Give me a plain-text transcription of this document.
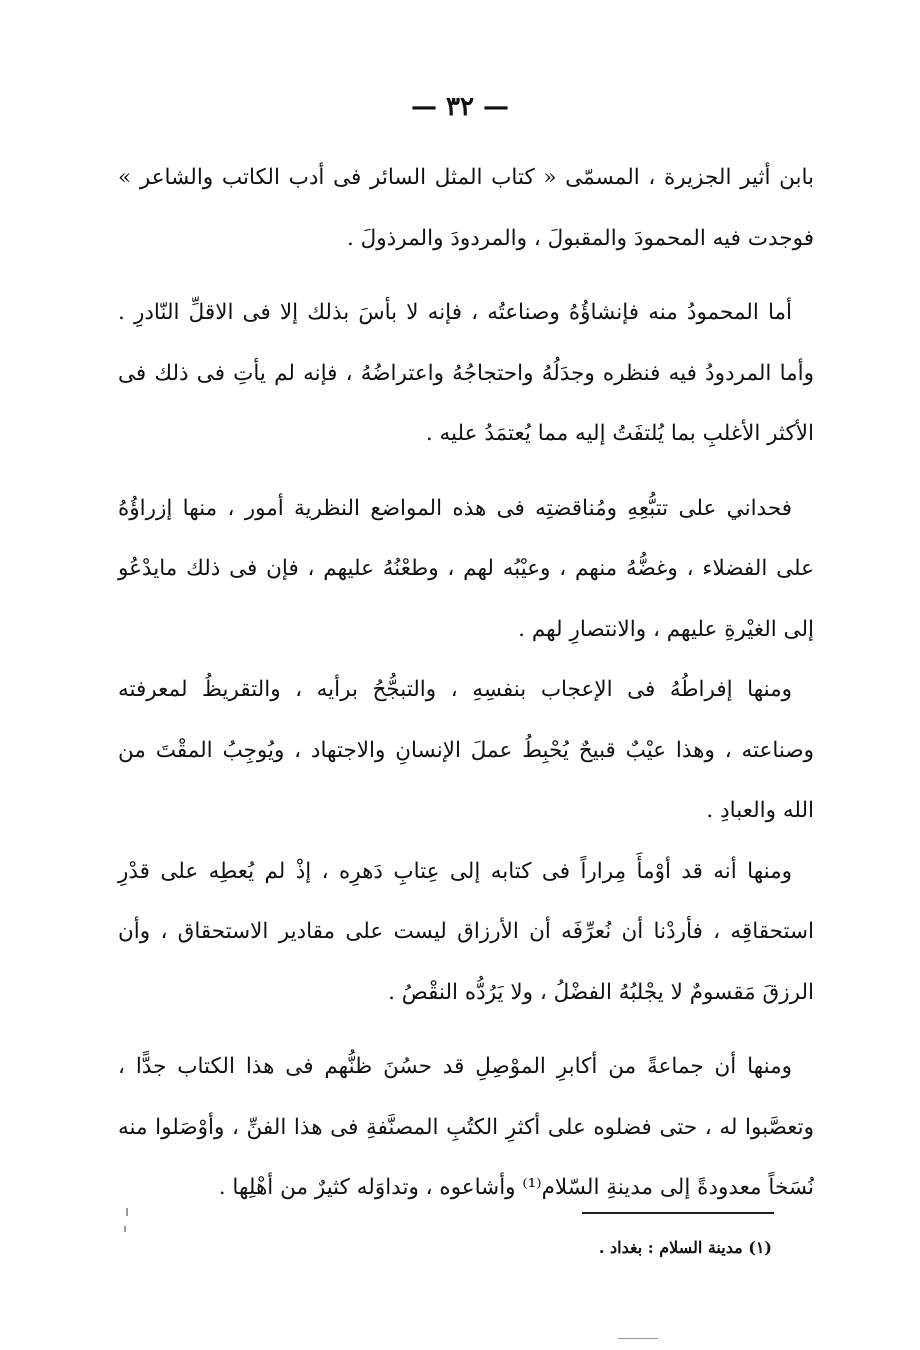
— ٣٢ —
بابن أثير الجزيرة ، المسمّى « كتاب المثل السائر فى أدب الكاتب والشاعر » فوجدت فيه المحمودَ والمقبولَ ، والمردودَ والمرذولَ .
أما المحمودُ منه فإنشاؤُهُ وصناعتُه ، فإنه لا بأسَ بذلك إلا فى الاقلِّ النّادرِ . وأما المردودُ فيه فنظره وجدَلُهُ واحتجاجُهُ واعتراضُهُ ، فإنه لم يأتِ فى ذلك فى الأكثر الأغلبِ بما يُلتفَتُ إليه مما يُعتمَدُ عليه .
فحداني على تتبُّعِهِ ومُناقضتِه فى هذه المواضع النظرية أمور ، منها إزراؤُهُ على الفضلاء ، وغضُّهُ منهم ، وعيْبُه لهم ، وطعْنُهُ عليهم ، فإن فى ذلك مايدْعُو إلى الغيْرةِ عليهم ، والانتصارِ لهم .
ومنها إفراطُهُ فى الإعجاب بنفسِهِ ، والتبجُّحُ برأيه ، والتقريظُ لمعرفته وصناعته ، وهذا عيْبٌ قبيحٌ يُحْبِطُ عملَ الإنسانِ والاجتهاد ، ويُوجِبُ المقْتَ من الله والعبادِ .
ومنها أنه قد أوْمأَ مِراراً فى كتابه إلى عِتابِ دَهرِه ، إذْ لم يُعطِه على قدْرِ استحقاقِه ، فأردْنا أن نُعرِّفَه أن الأرزاق ليست على مقادير الاستحقاق ، وأن الرزقَ مَقسومٌ لا يجْلبُهُ الفضْلُ ، ولا يَرُدُّه النقْصُ .
ومنها أن جماعةً من أكابرِ الموْصِلِ قد حسُنَ ظنُّهم فى هذا الكتاب جدًّا ، وتعصَّبوا له ، حتى فضلوه على أكثرِ الكتُبِ المصنَّفةِ فى هذا الفنِّ ، وأوْصَلوا منه نُسَخاً معدودةً إلى مدينةِ السّلام⁽¹⁾ وأشاعوه ، وتداوَله كثيرٌ من أهْلِها .
(١) مدينة السلام : بغداد .
